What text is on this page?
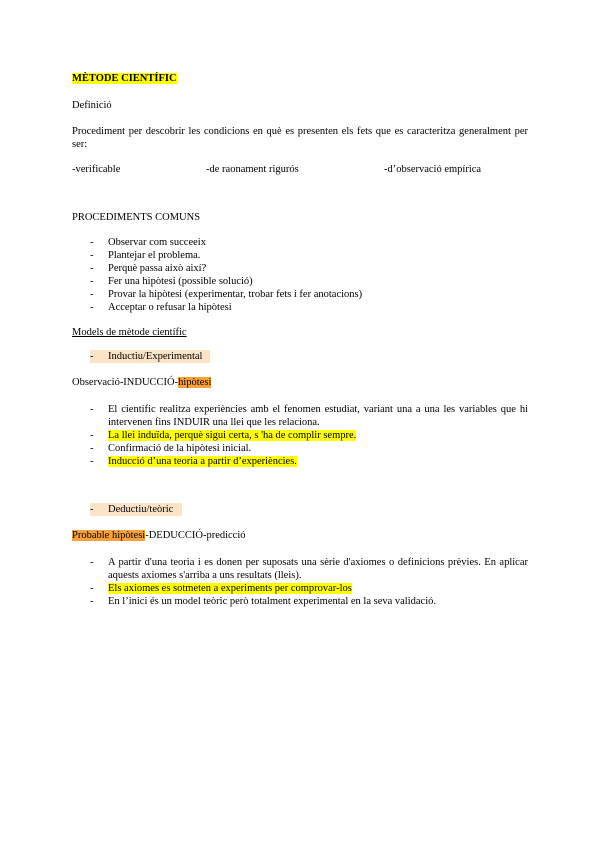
MÈTODE CIENTÍFIC
Definició
Procediment per descobrir les condicions en què es presenten els fets que es caracteritza generalment per ser:
-verificable	-de raonament rigurós	-d’observació empírica
PROCEDIMENTS COMUNS
- Observar com succeeix
- Plantejar el problema.
- Perquè passa això així?
- Fer una hipòtesi (possible solució)
- Provar la hipòtesi (experimentar, trobar fets i fer anotacions)
- Acceptar o refusar la hipòtesi
Models de mètode científic
- Inductiu/Experimental
Observació-INDUCCIÓ-hipòtesi
- El científic realitza experiències amb el fenomen estudiat, variant una a una les variables que hi intervenen fins INDUIR una llei que les relaciona.
- La llei induïda, perquè sigui certa, s 'ha de complir sempre.
- Confirmació de la hipòtesi inicial.
- Inducció d’una teoria a partir d’experiències.
- Deductiu/teòric
Probable hipòtesi-DEDUCCIÓ-predicció
- A partir d'una teoria i es donen per suposats una sèrie d'axiomes o definicions prèvies. En aplicar aquests axiomes s'arriba a uns resultats (lleis).
- Els axiomes es sotmeten a experiments per comprovar-los
- En l’inici és un model teòric però totalment experimental en la seva validació.
